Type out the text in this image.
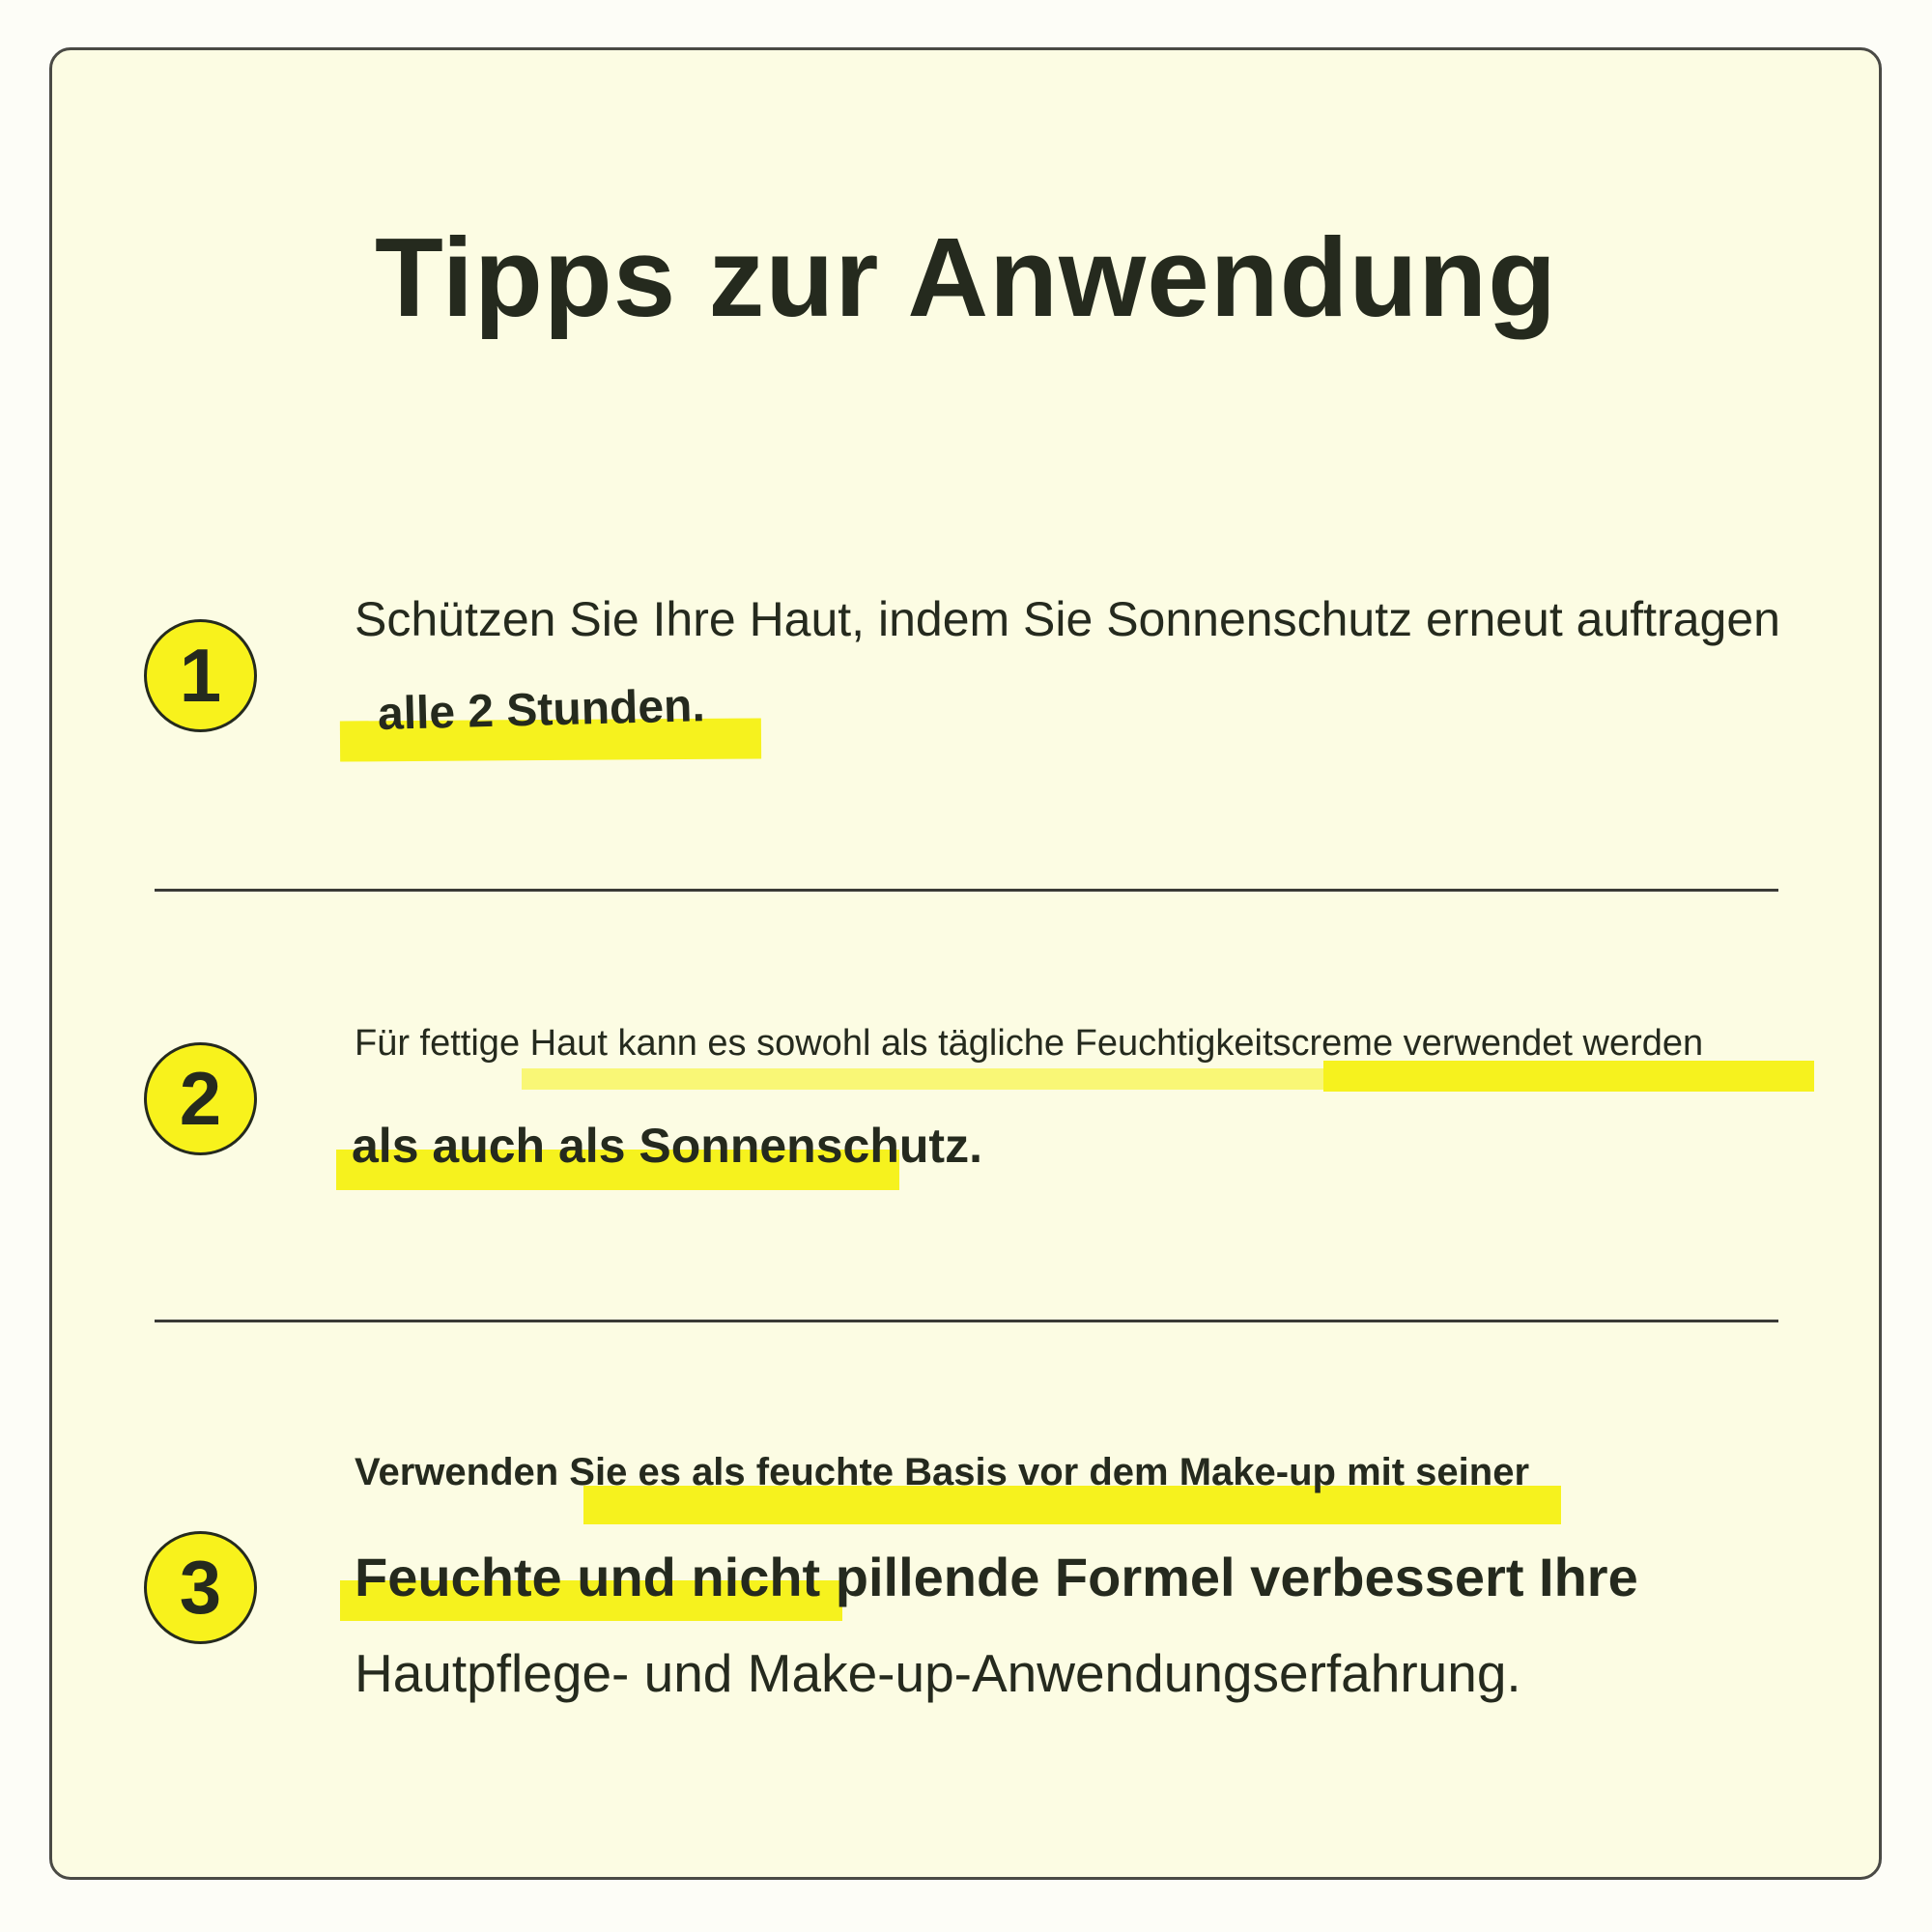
Tipps zur Anwendung
1
Schützen Sie Ihre Haut, indem Sie Sonnenschutz erneut auftragen
alle 2 Stunden.
2
Für fettige Haut kann es sowohl als tägliche Feuchtigkeitscreme verwendet werden
als auch als Sonnenschutz.
3
Verwenden Sie es als feuchte Basis vor dem Make-up mit seiner
Feuchte und nicht pillende Formel verbessert Ihre
Hautpflege- und Make-up-Anwendungserfahrung.
